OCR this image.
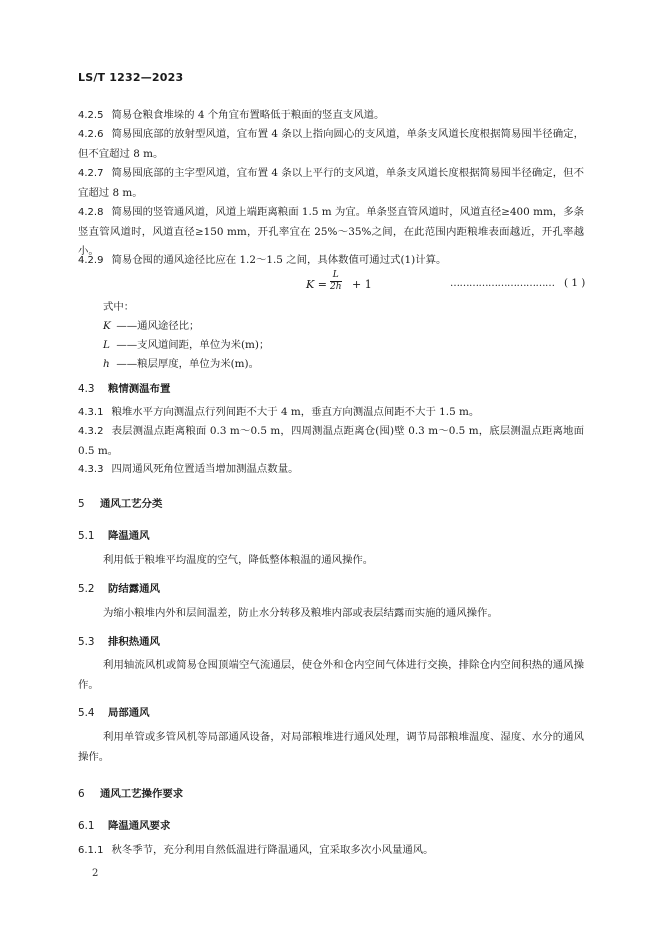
LS/T 1232—2023
4.2.5 简易仓粮食堆垛的 4 个角宜布置略低于粮面的竖直支风道。
4.2.6 简易囤底部的放射型风道，宜布置 4 条以上指向圆心的支风道，单条支风道长度根据简易囤半径确定，但不宜超过 8 m。
4.2.7 简易囤底部的主字型风道，宜布置 4 条以上平行的支风道，单条支风道长度根据简易囤半径确定，但不宜超过 8 m。
4.2.8 简易囤的竖管通风道，风道上端距离粮面 1.5 m 为宜。单条竖直管风道时，风道直径≥400 mm，多条竖直管风道时，风道直径≥150 mm，开孔率宜在 25%～35%之间，在此范围内距粮堆表面越近，开孔率越小。
4.2.9 简易仓囤的通风途径比应在 1.2～1.5 之间，具体数值可通过式(1)计算。
$K = \frac{L}{2h} + 1$	…………………………… ( 1 )
式中：
K ——通风途径比；
L ——支风道间距，单位为米(m)；
h ——粮层厚度，单位为米(m)。
4.3 粮情测温布置
4.3.1 粮堆水平方向测温点行列间距不大于 4 m，垂直方向测温点间距不大于 1.5 m。
4.3.2 表层测温点距离粮面 0.3 m～0.5 m，四周测温点距离仓(囤)壁 0.3 m～0.5 m，底层测温点距离地面 0.5 m。
4.3.3 四周通风死角位置适当增加测温点数量。
5 通风工艺分类
5.1 降温通风
利用低于粮堆平均温度的空气，降低整体粮温的通风操作。
5.2 防结露通风
为缩小粮堆内外和层间温差，防止水分转移及粮堆内部或表层结露而实施的通风操作。
5.3 排积热通风
利用轴流风机或简易仓囤顶端空气流通层，使仓外和仓内空间气体进行交换，排除仓内空间积热的通风操作。
5.4 局部通风
利用单管或多管风机等局部通风设备，对局部粮堆进行通风处理，调节局部粮堆温度、湿度、水分的通风操作。
6 通风工艺操作要求
6.1 降温通风要求
6.1.1 秋冬季节，充分利用自然低温进行降温通风，宜采取多次小风量通风。
2
